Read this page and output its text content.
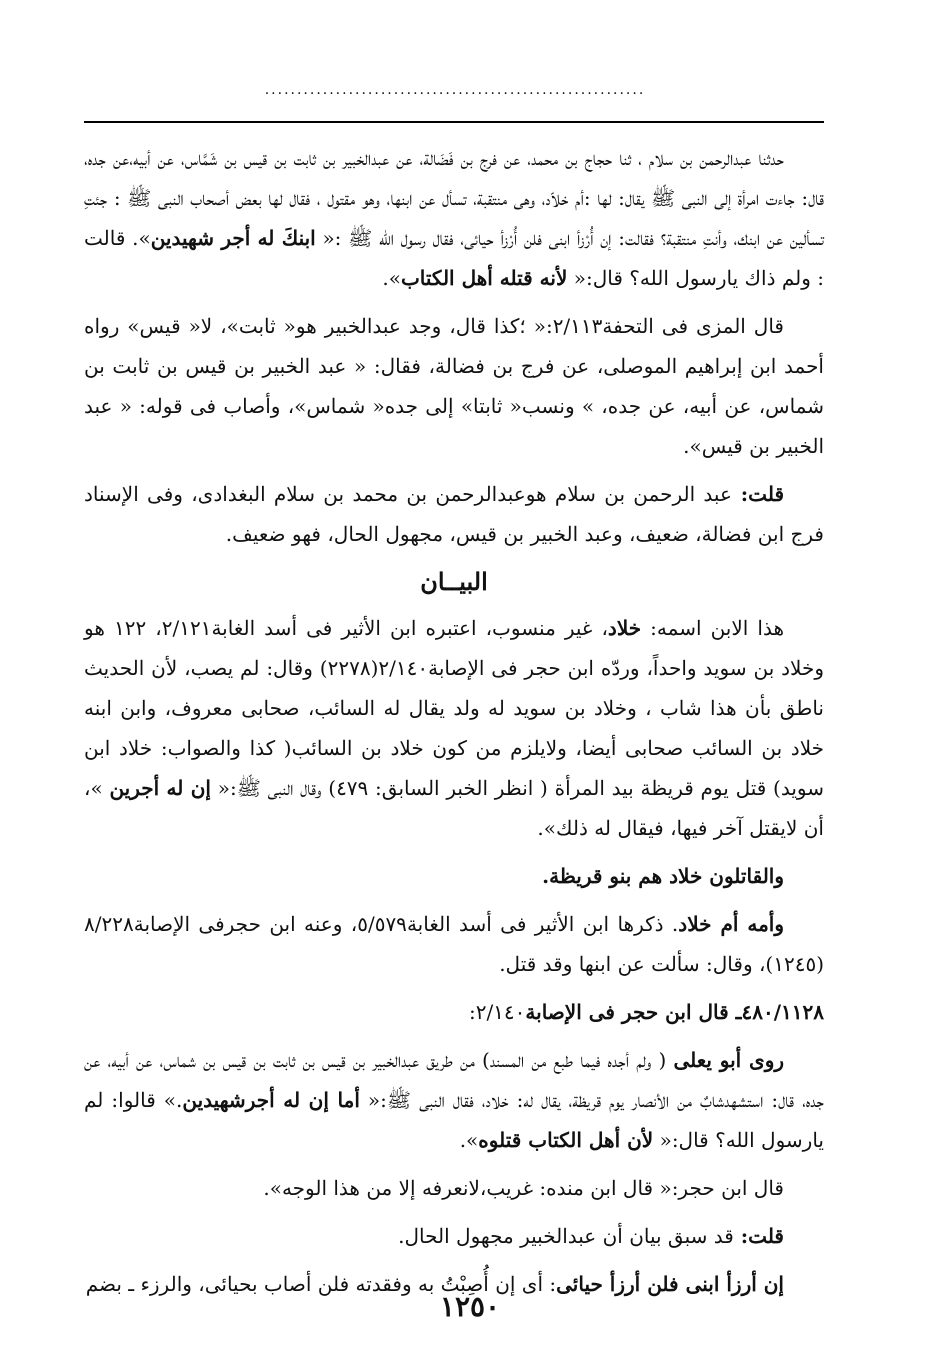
...........................................................

حدثنا عبدالرحمن بن سلام ، ثنا حجاج بن محمد، عن فرج بن فَضَالة، عن عبدالخبير بن ثابت بن قيس بن شَمَّاس، عن أبيه،عن جده، قال: جاءت امرأة إلى النبى ﷺ يقال: لها :أم خلاّد، وهى منتقبة، تسأل عن ابنها، وهو مقتول ، فقال لها بعض أصحاب النبى ﷺ : جئتِ تسألين عن ابنك، وأنتِ منتقبة؟ فقالت: إن أُرْزأ ابنى فلن أُرْزأ حيائى، فقال رسول الله ﷺ :« ابنكَ له أجر شهيدين». قالت : ولم ذاك يارسول الله؟ قال:« لأنه قتله أهل الكتاب».

قال المزى فى التحفة٢/١١٣:« ؛كذا قال، وجد عبدالخبير هو« ثابت»، لا« قيس» رواه أحمد ابن إبراهيم الموصلى، عن فرج بن فضالة، فقال: « عبد الخبير بن قيس بن ثابت بن شماس، عن أبيه، عن جده، » ونسب« ثابتا» إلى جده« شماس»، وأصاب فى قوله: « عبد الخبير بن قيس».

قلت: عبد الرحمن بن سلام هوعبدالرحمن بن محمد بن سلام البغدادى، وفى الإسناد فرج ابن فضالة، ضعيف، وعبد الخبير بن قيس، مجهول الحال، فهو ضعيف.

البيــان

هذا الابن اسمه: خلاد، غير منسوب، اعتبره ابن الأثير فى أسد الغابة٢/١٢١، ١٢٢ هو وخلاد بن سويد واحداً، وردّه ابن حجر فى الإصابة٢/١٤٠(٢٢٧٨) وقال: لم يصب، لأن الحديث ناطق بأن هذا شاب ، وخلاد بن سويد له ولد يقال له السائب، صحابى معروف، وابن ابنه خلاد بن السائب صحابى أيضا، ولايلزم من كون خلاد بن السائب( كذا والصواب: خلاد ابن سويد) قتل يوم قريظة بيد المرأة ( انظر الخبر السابق: ٤٧٩) وقال النبى ﷺ:« إن له أجرين »، أن لايقتل آخر فيها، فيقال له ذلك».

والقاتلون خلاد هم بنو قريظة.

وأمه أم خلاد. ذكرها ابن الأثير فى أسد الغابة٥/٥٧٩، وعنه ابن حجرفى الإصابة٨/٢٢٨ (١٢٤٥)، وقال: سألت عن ابنها وقد قتل.

٤٨٠/١١٢٨ـ قال ابن حجر فى الإصابة٢/١٤٠:

روى أبو يعلى ( ولم أجده فيما طبع من المسند) من طريق عبدالخبير بن قيس بن ثابت بن قيس بن شماس، عن أبيه، عن جده، قال: استشهدشابٌ من الأنصار يوم قريظة، يقال له: خلاد، فقال النبى ﷺ:« أما إن له أجرشهيدين.» قالوا: لم يارسول الله؟ قال:« لأن أهل الكتاب قتلوه».

قال ابن حجر:« قال ابن منده: غريب،لانعرفه إلا من هذا الوجه».

قلت: قد سبق بيان أن عبدالخبير مجهول الحال.

إن أرزأ ابنى فلن أرزأ حيائى: أى إن أُصِبْتُ به وفقدته فلن أصاب بحيائى، والرزء ـ بضم

١٢٥٠
